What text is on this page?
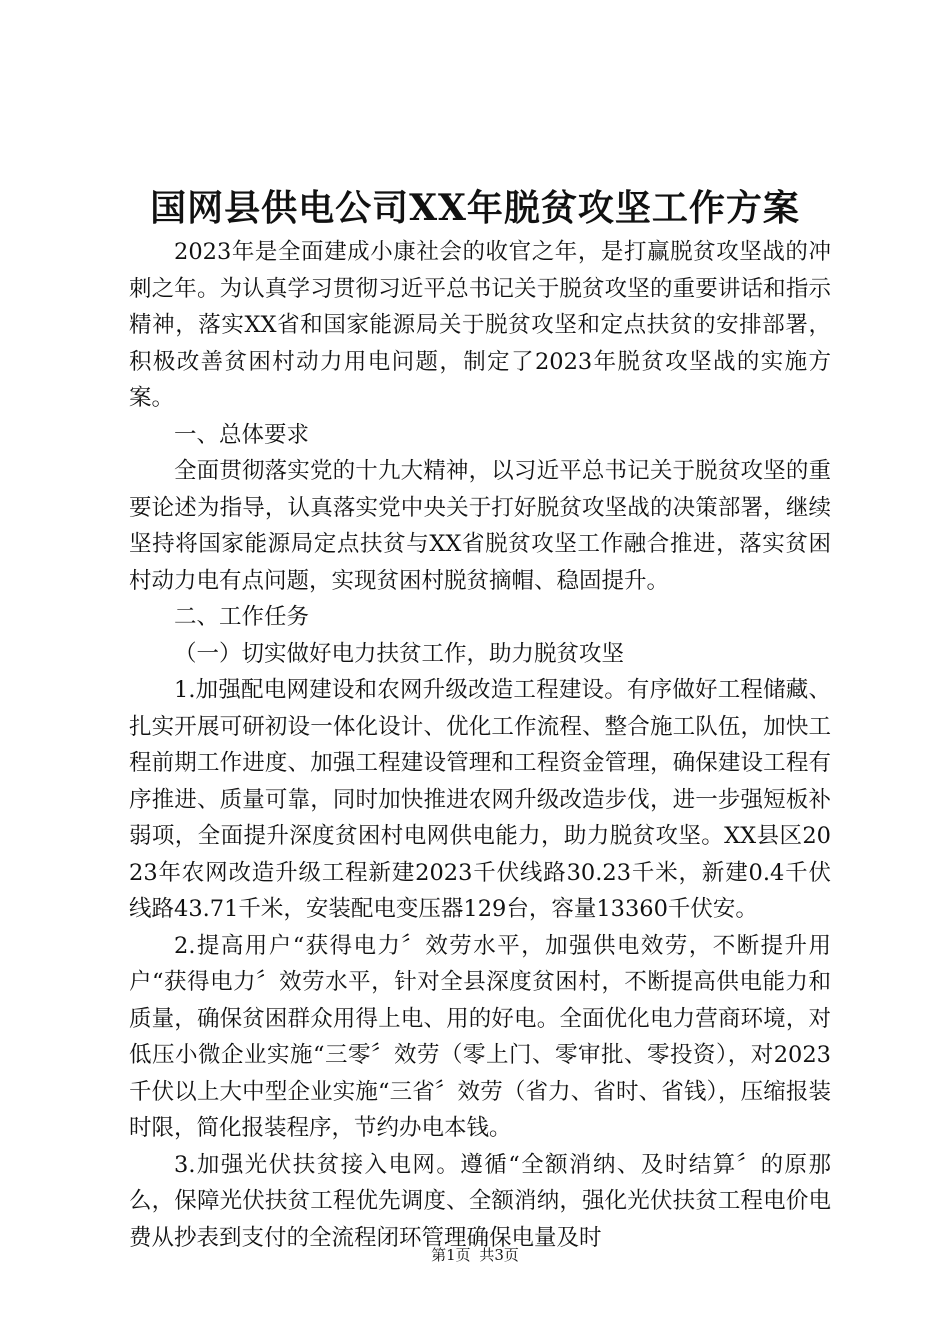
国网县供电公司XX年脱贫攻坚工作方案

2023年是全面建成小康社会的收官之年，是打赢脱贫攻坚战的冲刺之年。为认真学习贯彻习近平总书记关于脱贫攻坚的重要讲话和指示精神，落实XX省和国家能源局关于脱贫攻坚和定点扶贫的安排部署，积极改善贫困村动力用电问题，制定了2023年脱贫攻坚战的实施方案。

一、总体要求

全面贯彻落实党的十九大精神，以习近平总书记关于脱贫攻坚的重要论述为指导，认真落实党中央关于打好脱贫攻坚战的决策部署，继续坚持将国家能源局定点扶贫与XX省脱贫攻坚工作融合推进，落实贫困村动力电有点问题，实现贫困村脱贫摘帽、稳固提升。

二、工作任务

（一）切实做好电力扶贫工作，助力脱贫攻坚

1.加强配电网建设和农网升级改造工程建设。有序做好工程储藏、扎实开展可研初设一体化设计、优化工作流程、整合施工队伍，加快工程前期工作进度、加强工程建设管理和工程资金管理，确保建设工程有序推进、质量可靠，同时加快推进农网升级改造步伐，进一步强短板补弱项，全面提升深度贫困村电网供电能力，助力脱贫攻坚。XX县区2023年农网改造升级工程新建2023千伏线路30.23千米，新建0.4千伏线路43.71千米，安装配电变压器129台，容量13360千伏安。

2.提高用户“获得电力〞效劳水平，加强供电效劳，不断提升用户“获得电力〞效劳水平，针对全县深度贫困村，不断提高供电能力和质量，确保贫困群众用得上电、用的好电。全面优化电力营商环境，对低压小微企业实施“三零〞效劳（零上门、零审批、零投资），对2023千伏以上大中型企业实施“三省〞效劳（省力、省时、省钱），压缩报装时限，简化报装程序，节约办电本钱。

3.加强光伏扶贫接入电网。遵循“全额消纳、及时结算〞的原那么，保障光伏扶贫工程优先调度、全额消纳，强化光伏扶贫工程电价电费从抄表到支付的全流程闭环管理确保电量及时

第1页 共3页
